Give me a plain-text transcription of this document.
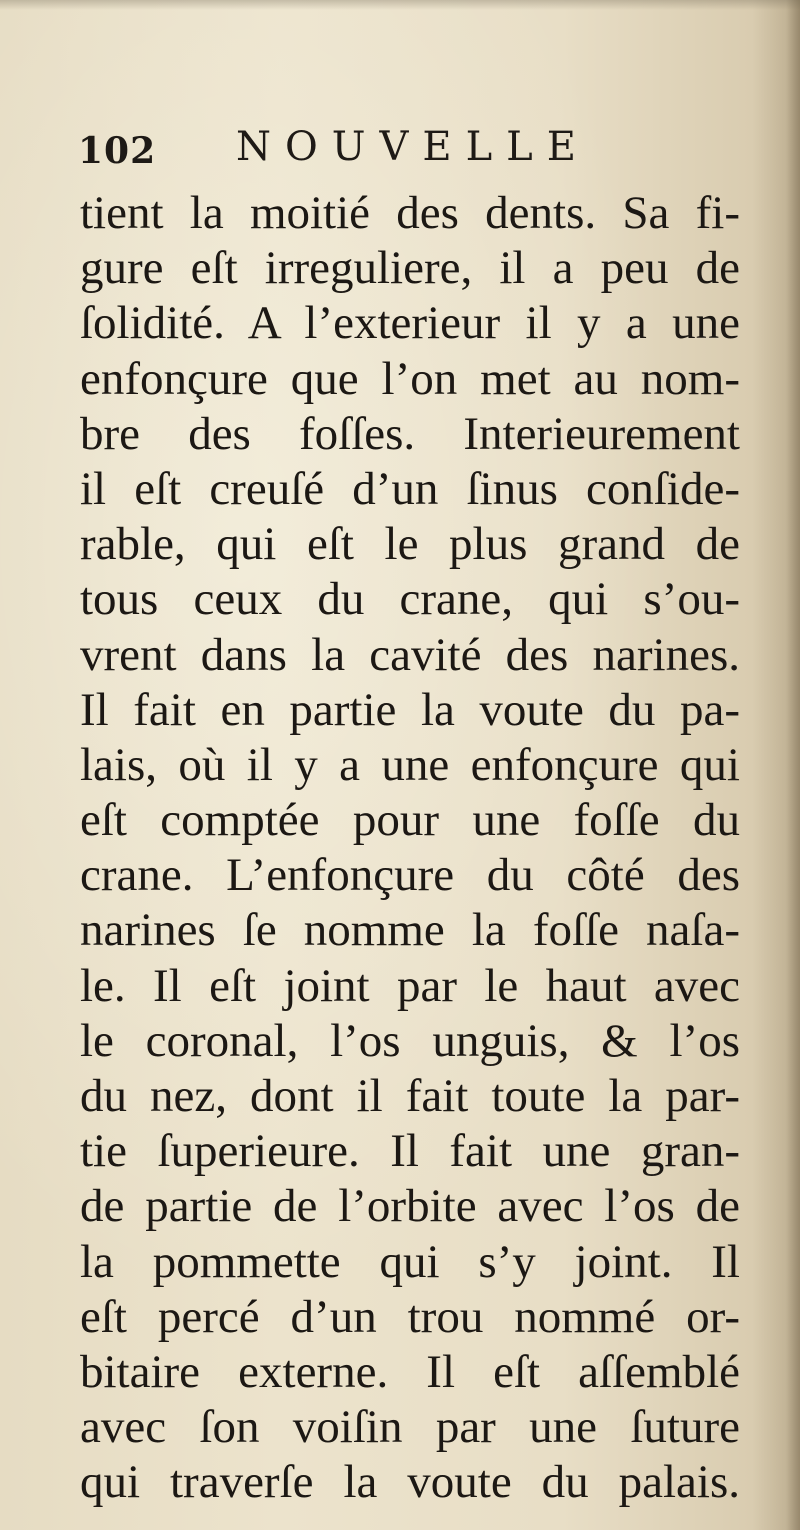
102 NOUVELLE
tient la moitié des dents. Sa fi-
gure eſt irreguliere, il a peu de
ſolidité. A l’exterieur il y a une
enfonçure que l’on met au nom-
bre des foſſes. Interieurement
il eſt creuſé d’un ſinus conſide-
rable, qui eſt le plus grand de
tous ceux du crane, qui s’ou-
vrent dans la cavité des narines.
Il fait en partie la voute du pa-
lais, où il y a une enfonçure qui
eſt comptée pour une foſſe du
crane. L’enfonçure du côté des
narines ſe nomme la foſſe naſa-
le. Il eſt joint par le haut avec
le coronal, l’os unguis, & l’os
du nez, dont il fait toute la par-
tie ſuperieure. Il fait une gran-
de partie de l’orbite avec l’os de
la pommette qui s’y joint. Il
eſt percé d’un trou nommé or-
bitaire externe. Il eſt aſſemblé
avec ſon voiſin par une ſuture
qui traverſe la voute du palais.
